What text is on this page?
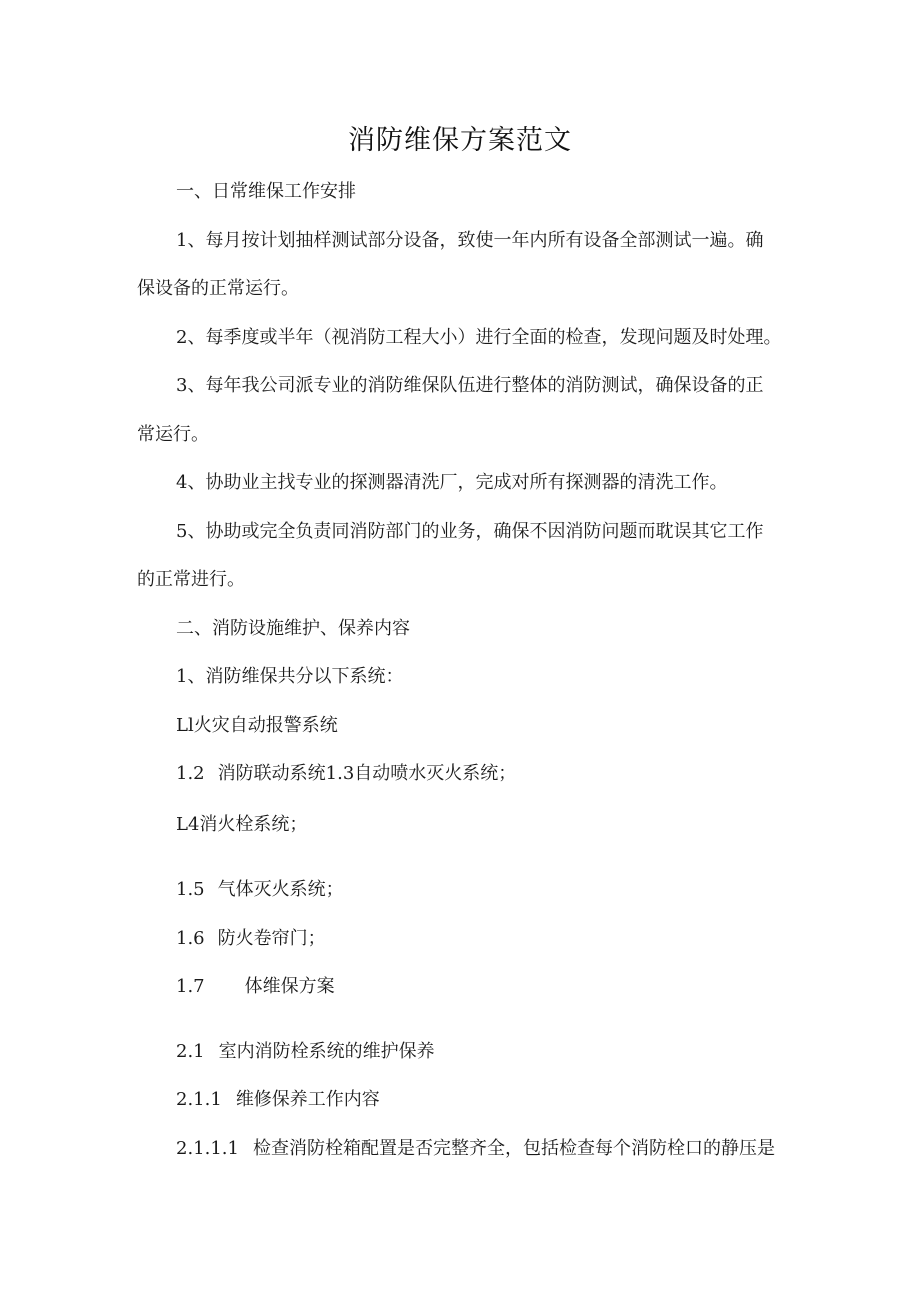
消防维保方案范文
一、日常维保工作安排
1、每月按计划抽样测试部分设备，致使一年内所有设备全部测试一遍。确
保设备的正常运行。
2、每季度或半年（视消防工程大小）进行全面的检查，发现问题及时处理。
3、每年我公司派专业的消防维保队伍进行整体的消防测试，确保设备的正
常运行。
4、协助业主找专业的探测器清洗厂，完成对所有探测器的清洗工作。
5、协助或完全负责同消防部门的业务，确保不因消防问题而耽误其它工作
的正常进行。
二、消防设施维护、保养内容
1、消防维保共分以下系统：
Ll火灾自动报警系统
1.2 消防联动系统1.3自动喷水灭火系统；
L4消火栓系统；
1.5 气体灭火系统；
1.6 防火卷帘门；
1.7 体维保方案
2.1 室内消防栓系统的维护保养
2.1.1 维修保养工作内容
2.1.1.1 检查消防栓箱配置是否完整齐全，包括检查每个消防栓口的静压是
